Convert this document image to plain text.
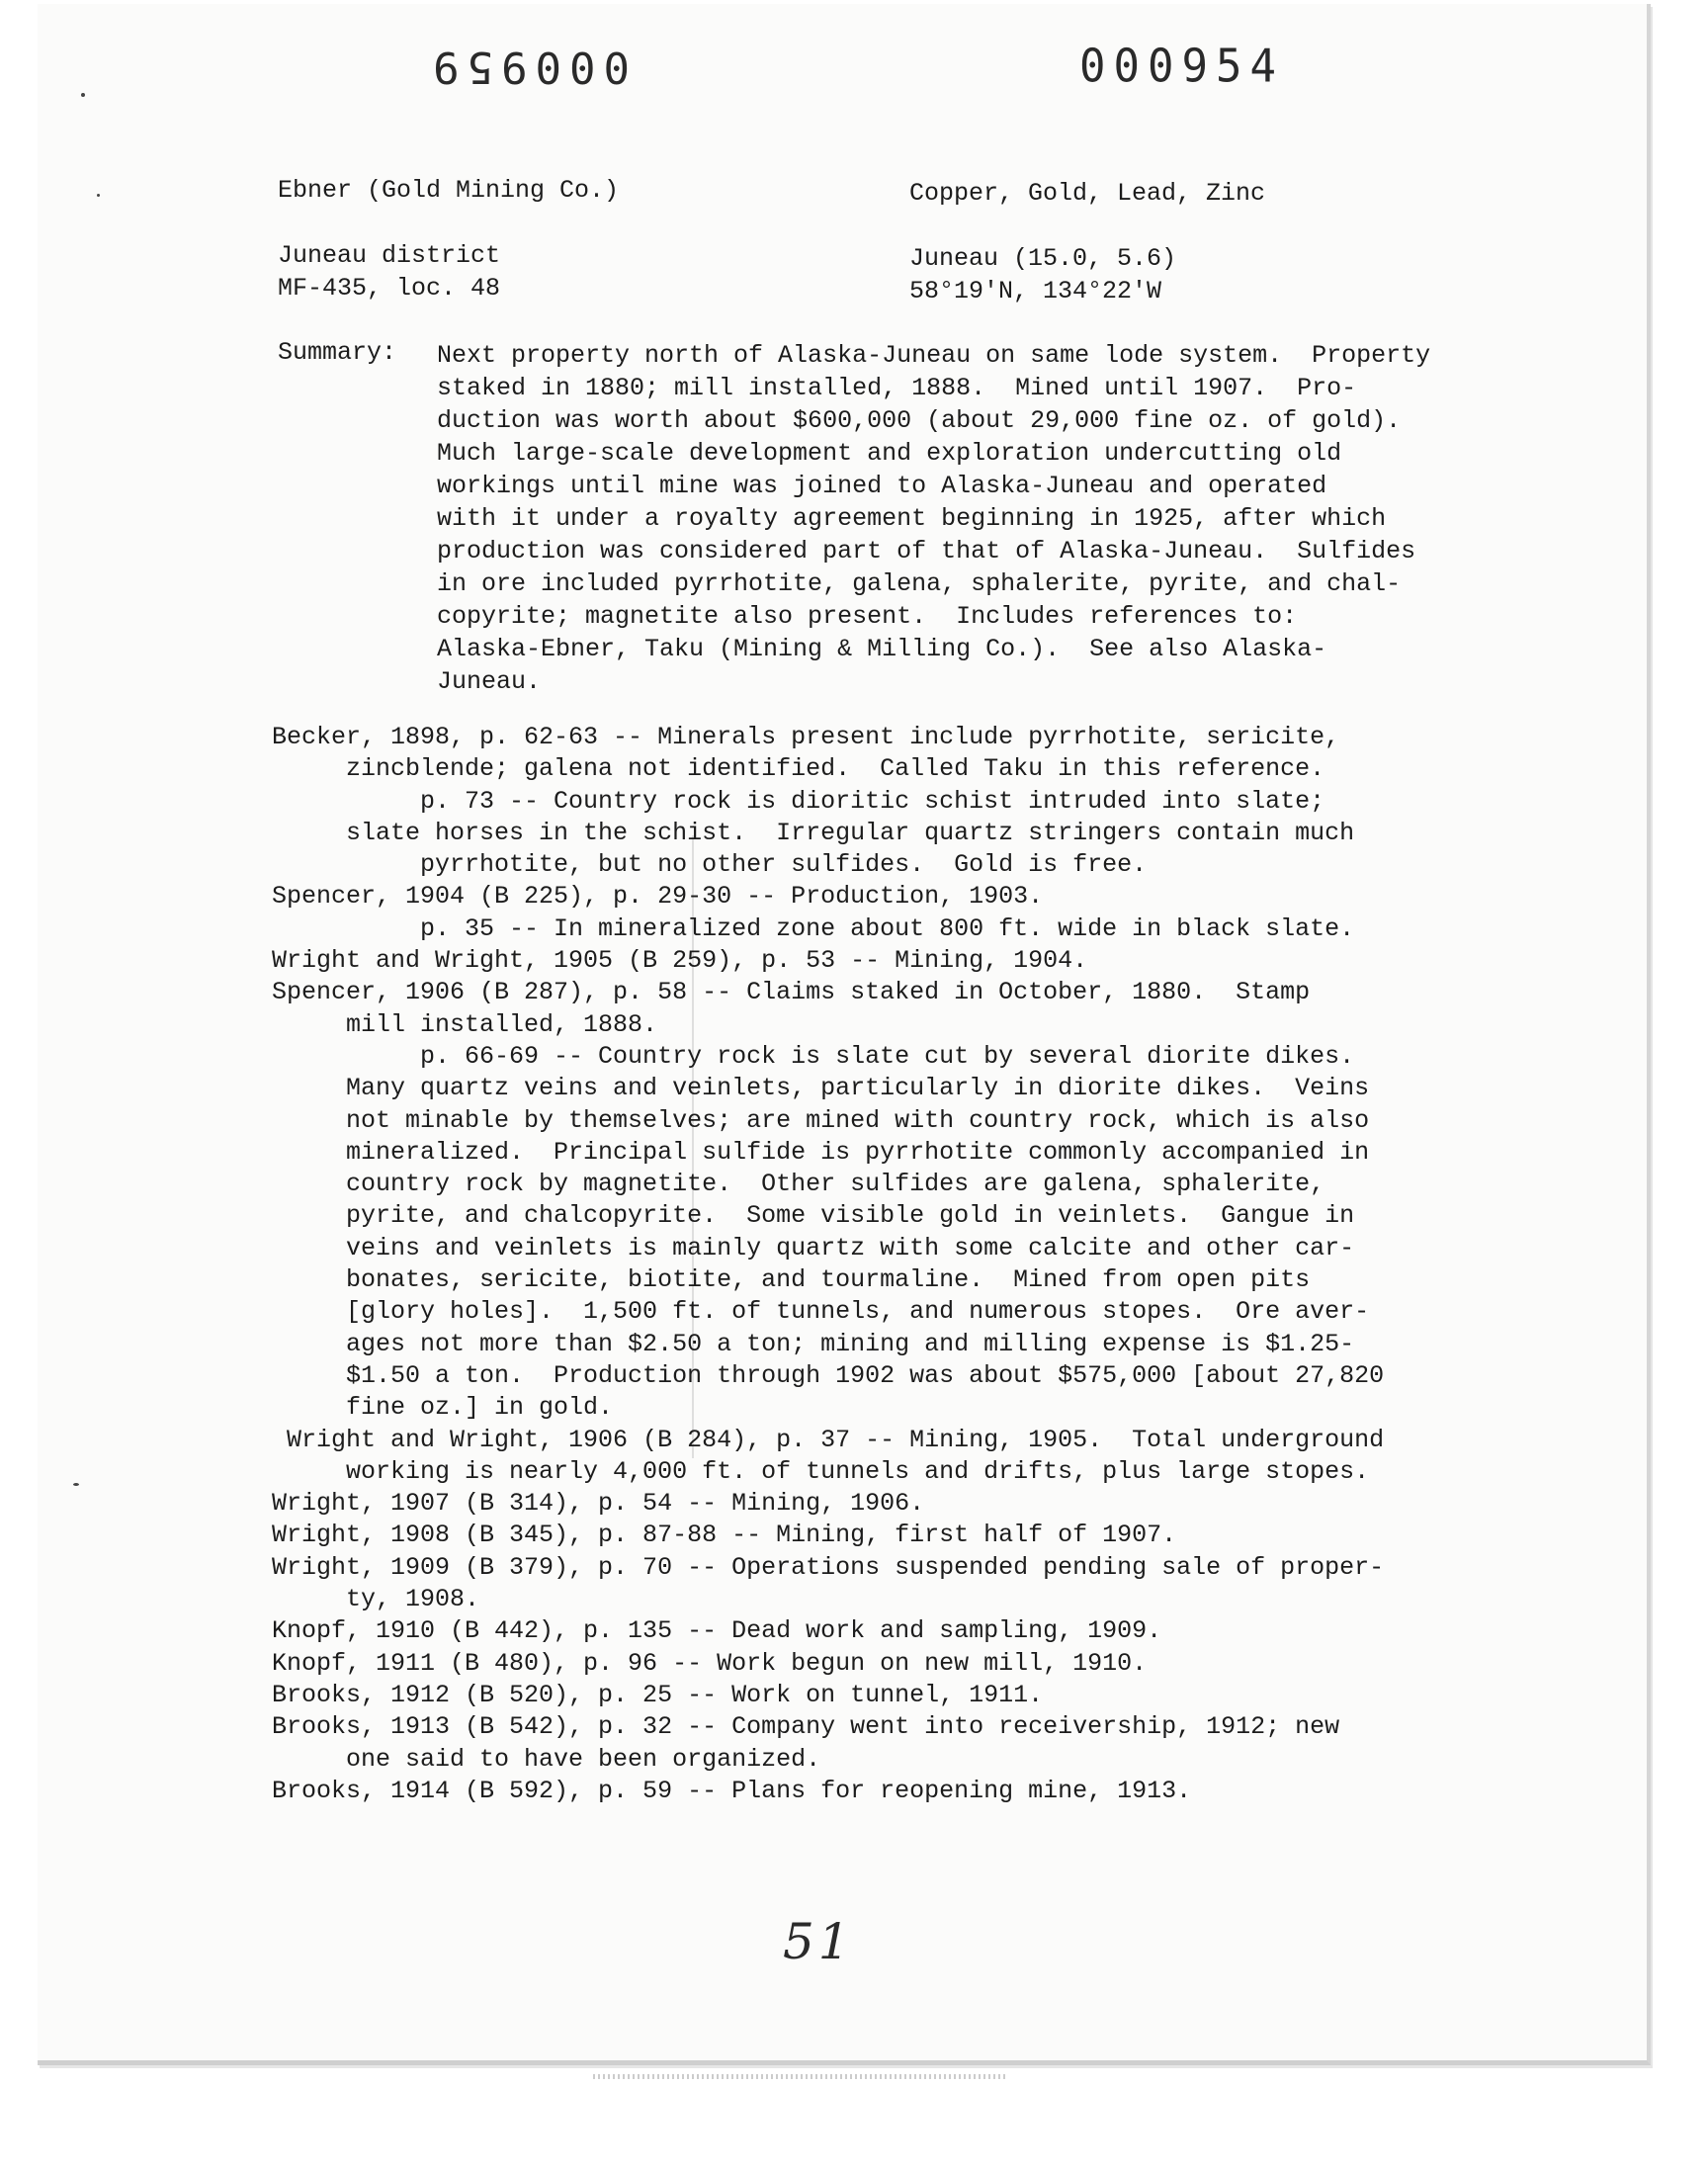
000959	000954
Ebner (Gold Mining Co.)

Juneau district
MF-435, loc. 48
Copper, Gold, Lead, Zinc

Juneau (15.0, 5.6)
58°19'N, 134°22'W
Summary: Next property north of Alaska-Juneau on same lode system.  Property
staked in 1880; mill installed, 1888.  Mined until 1907.  Pro-
duction was worth about $600,000 (about 29,000 fine oz. of gold).
Much large-scale development and exploration undercutting old
workings until mine was joined to Alaska-Juneau and operated
with it under a royalty agreement beginning in 1925, after which
production was considered part of that of Alaska-Juneau.  Sulfides
in ore included pyrrhotite, galena, sphalerite, pyrite, and chal-
copyrite; magnetite also present.  Includes references to:
Alaska-Ebner, Taku (Mining & Milling Co.).  See also Alaska-
Juneau.
Becker, 1898, p. 62-63 -- Minerals present include pyrrhotite, sericite,
zincblende; galena not identified.  Called Taku in this reference.
p. 73 -- Country rock is dioritic schist intruded into slate;
slate horses in the schist.  Irregular quartz stringers contain much
pyrrhotite, but no other sulfides.  Gold is free.
Spencer, 1904 (B 225), p. 29-30 -- Production, 1903.
p. 35 -- In mineralized zone about 800 ft. wide in black slate.
Wright and Wright, 1905 (B 259), p. 53 -- Mining, 1904.
Spencer, 1906 (B 287), p. 58 -- Claims staked in October, 1880.  Stamp
mill installed, 1888.
p. 66-69 -- Country rock is slate cut by several diorite dikes.
Many quartz veins and veinlets, particularly in diorite dikes.  Veins
not minable by themselves; are mined with country rock, which is also
mineralized.  Principal sulfide is pyrrhotite commonly accompanied in
country rock by magnetite.  Other sulfides are galena, sphalerite,
pyrite, and chalcopyrite.  Some visible gold in veinlets.  Gangue in
veins and veinlets is mainly quartz with some calcite and other car-
bonates, sericite, biotite, and tourmaline.  Mined from open pits
[glory holes].  1,500 ft. of tunnels, and numerous stopes.  Ore aver-
ages not more than $2.50 a ton; mining and milling expense is $1.25-
$1.50 a ton.  Production through 1902 was about $575,000 [about 27,820
fine oz.] in gold.
Wright and Wright, 1906 (B 284), p. 37 -- Mining, 1905.  Total underground
working is nearly 4,000 ft. of tunnels and drifts, plus large stopes.
Wright, 1907 (B 314), p. 54 -- Mining, 1906.
Wright, 1908 (B 345), p. 87-88 -- Mining, first half of 1907.
Wright, 1909 (B 379), p. 70 -- Operations suspended pending sale of proper-
ty, 1908.
Knopf, 1910 (B 442), p. 135 -- Dead work and sampling, 1909.
Knopf, 1911 (B 480), p. 96 -- Work begun on new mill, 1910.
Brooks, 1912 (B 520), p. 25 -- Work on tunnel, 1911.
Brooks, 1913 (B 542), p. 32 -- Company went into receivership, 1912; new
one said to have been organized.
Brooks, 1914 (B 592), p. 59 -- Plans for reopening mine, 1913.
51
